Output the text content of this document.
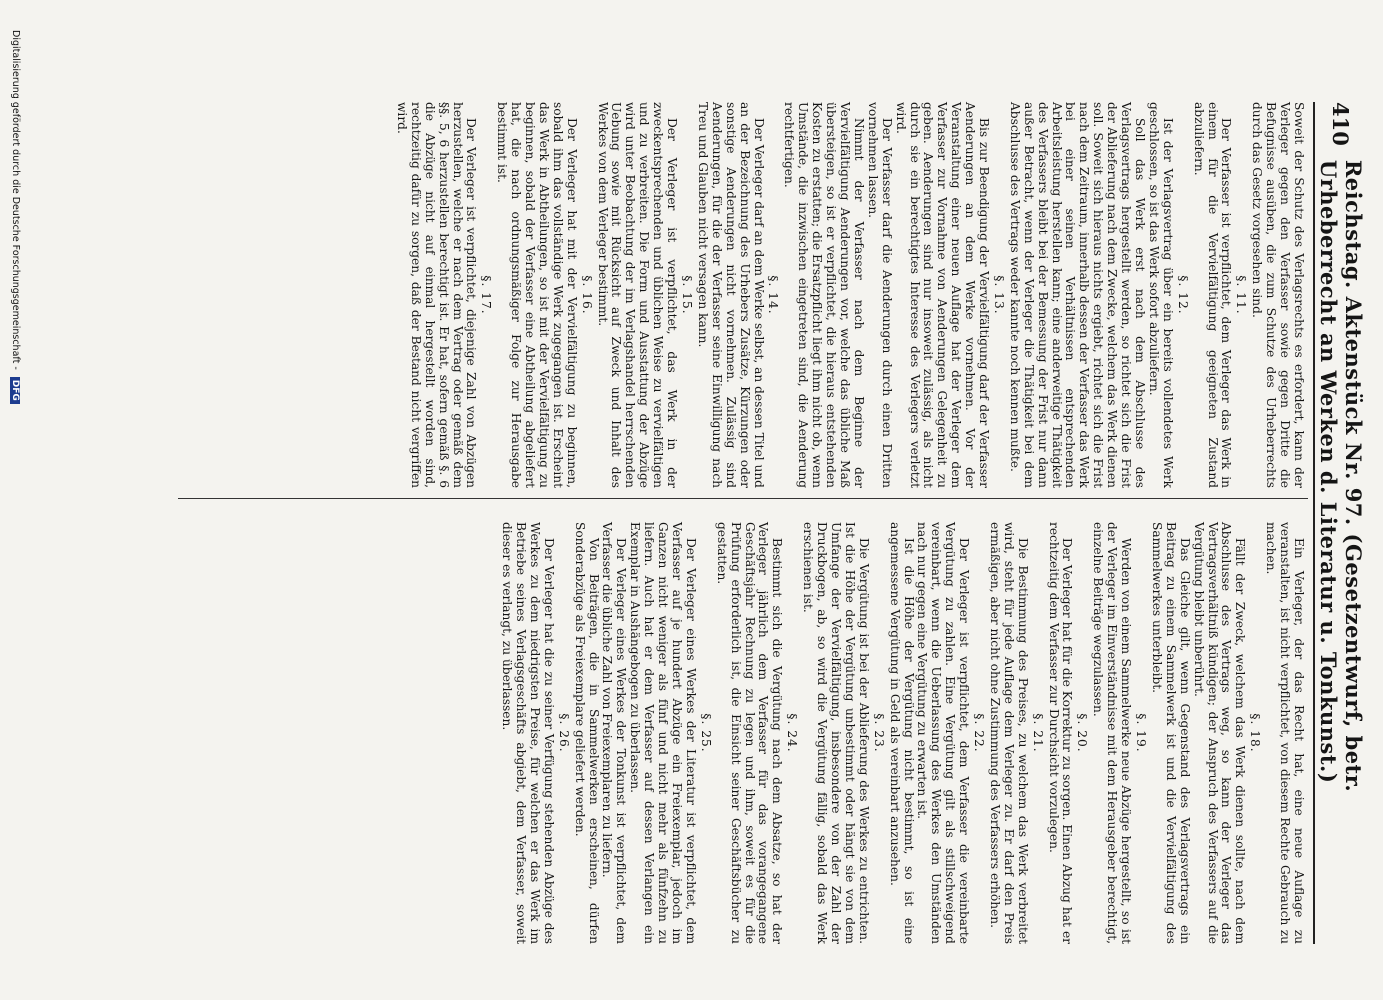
410
Reichstag. Aktenstück Nr. 97. (Gesetzentwurf, betr. Urheberrecht an Werken d. Literatur u. Tonkunst.)

Soweit der Schutz des Verlagsrechts es erfordert, kann der Verleger gegen den Verfasser sowie gegen Dritte die Befugnisse ausüben, die zum Schutze des Urheberrechts durch das Gesetz vorgesehen sind.

§. 11.

Der Verfasser ist verpflichtet, dem Verleger das Werk in einem für die Vervielfältigung geeigneten Zustand abzuliefern.

§. 12.

Ist der Verlagsvertrag über ein bereits vollendetes Werk geschlossen, so ist das Werk sofort abzuliefern.

Soll das Werk erst nach dem Abschlusse des Verlagsvertrags hergestellt werden, so richtet sich die Frist der Ablieferung nach dem Zwecke, welchem das Werk dienen soll. Soweit sich hieraus nichts ergiebt, richtet sich die Frist nach dem Zeitraum, innerhalb dessen der Verfasser das Werk bei einer seinen Verhältnissen entsprechenden Arbeitsleistung herstellen kann; eine anderweitige Thätigkeit des Verfassers bleibt bei der Bemessung der Frist nur dann außer Betracht, wenn der Verleger die Thätigkeit bei dem Abschlusse des Vertrags weder kannte noch kennen mußte.

§. 13.

Bis zur Beendigung der Vervielfältigung darf der Verfasser Aenderungen an dem Werke vornehmen. Vor der Veranstaltung einer neuen Auflage hat der Verleger dem Verfasser zur Vornahme von Aenderungen Gelegenheit zu geben. Aenderungen sind nur insoweit zulässig, als nicht durch sie ein berechtigtes Interesse des Verlegers verletzt wird.

Der Verfasser darf die Aenderungen durch einen Dritten vornehmen lassen.

Nimmt der Verfasser nach dem Beginne der Vervielfältigung Aenderungen vor, welche das übliche Maß übersteigen, so ist er verpflichtet, die hieraus entstehenden Kosten zu erstatten; die Ersatzpflicht liegt ihm nicht ob, wenn Umstände, die inzwischen eingetreten sind, die Aenderung rechtfertigen.

§. 14.

Der Verleger darf an dem Werke selbst, an dessen Titel und an der Bezeichnung des Urhebers Zusätze, Kürzungen oder sonstige Aenderungen nicht vornehmen. Zulässig sind Aenderungen, für die der Verfasser seine Einwilligung nach Treu und Glauben nicht versagen kann.

§. 15.

Der Verleger ist verpflichtet, das Werk in der zweckentsprechenden und üblichen Weise zu vervielfältigen und zu verbreiten. Die Form und Ausstattung der Abzüge wird unter Beobachtung der im Verlagshandel herrschenden Uebung sowie mit Rücksicht auf Zweck und Inhalt des Werkes von dem Verleger bestimmt.

§. 16.

Der Verleger hat mit der Vervielfältigung zu beginnen, sobald ihm das vollständige Werk zugegangen ist. Erscheint das Werk in Abtheilungen, so ist mit der Vervielfältigung zu beginnen, sobald der Verfasser eine Abtheilung abgeliefert hat, die nach ordnungsmäßiger Folge zur Herausgabe bestimmt ist.

§. 17.

Der Verleger ist verpflichtet, diejenige Zahl von Abzügen herzustellen, welche er nach dem Vertrag oder gemäß dem §§. 5, 6 herzustellen berechtigt ist. Er hat, sofern gemäß §. 6 die Abzüge nicht auf einmal hergestellt worden sind, rechtzeitig dafür zu sorgen, daß der Bestand nicht vergriffen wird.

Ein Verleger, der das Recht hat, eine neue Auflage zu veranstalten, ist nicht verpflichtet, von diesem Rechte Gebrauch zu machen.

§. 18.

Fällt der Zweck, welchem das Werk dienen sollte, nach dem Abschlusse des Vertrags weg, so kann der Verleger das Vertragsverhältniß kündigen; der Anspruch des Verfassers auf die Vergütung bleibt unberührt.

Das Gleiche gilt, wenn Gegenstand des Verlagsvertrags ein Beitrag zu einem Sammelwerk ist und die Vervielfältigung des Sammelwerkes unterbleibt.

§. 19.

Werden von einem Sammelwerke neue Abzüge hergestellt, so ist der Verleger im Einverständnisse mit dem Herausgeber berechtigt, einzelne Beiträge wegzulassen.

§. 20.

Der Verleger hat für die Korrektur zu sorgen. Einen Abzug hat er rechtzeitig dem Verfasser zur Durchsicht vorzulegen.

§. 21.

Die Bestimmung des Preises, zu welchem das Werk verbreitet wird, steht für jede Auflage dem Verleger zu. Er darf den Preis ermäßigen, aber nicht ohne Zustimmung des Verfassers erhöhen.

§. 22.

Der Verleger ist verpflichtet, dem Verfasser die vereinbarte Vergütung zu zahlen. Eine Vergütung gilt als stillschweigend vereinbart, wenn die Ueberlassung des Werkes den Umständen nach nur gegen eine Vergütung zu erwarten ist.

Ist die Höhe der Vergütung nicht bestimmt, so ist eine angemessene Vergütung in Geld als vereinbart anzusehen.

§. 23.

Die Vergütung ist bei der Ablieferung des Werkes zu entrichten. Ist die Höhe der Vergütung unbestimmt oder hängt sie von dem Umfange der Vervielfältigung, insbesondere von der Zahl der Druckbogen, ab, so wird die Vergütung fällig, sobald das Werk erschienen ist.

§. 24.

Bestimmt sich die Vergütung nach dem Absatze, so hat der Verleger jährlich dem Verfasser für das vorangegangene Geschäftsjahr Rechnung zu legen und ihm, soweit es für die Prüfung erforderlich ist, die Einsicht seiner Geschäftsbücher zu gestatten.

§. 25.

Der Verleger eines Werkes der Literatur ist verpflichtet, dem Verfasser auf je hundert Abzüge ein Freiexemplar, jedoch im Ganzen nicht weniger als fünf und nicht mehr als fünfzehn zu liefern. Auch hat er dem Verfasser auf dessen Verlangen ein Exemplar in Aushängebogen zu überlassen.

Der Verleger eines Werkes der Tonkunst ist verpflichtet, dem Verfasser die übliche Zahl von Freiexemplaren zu liefern.

Von Beiträgen, die in Sammelwerken erscheinen, dürfen Sonderabzüge als Freiexemplare geliefert werden.

§. 26.

Der Verleger hat die zu seiner Verfügung stehenden Abzüge des Werkes zu dem niedrigsten Preise, für welchen er das Werk im Betriebe seines Verlagsgeschäfts abgiebt, dem Verfasser, soweit dieser es verlangt, zu überlassen.

Digitalisierung gefördert durch die Deutsche Forschungsgemeinschaft - DFG
